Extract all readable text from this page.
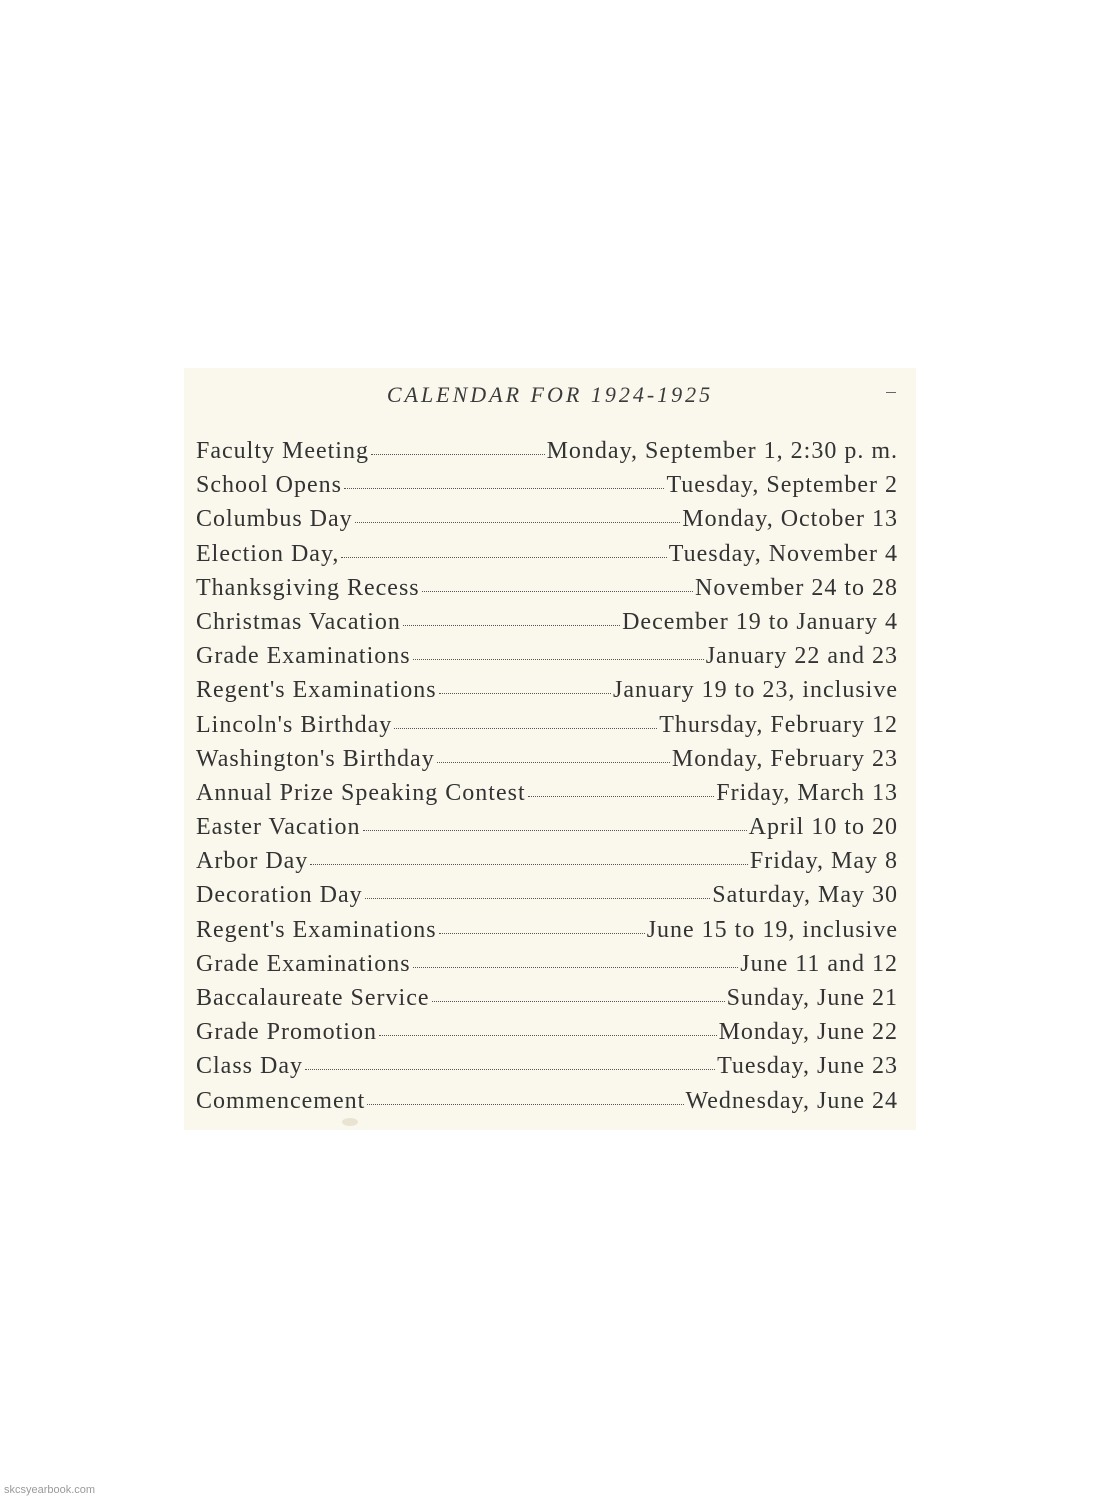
CALENDAR FOR 1924-1925
Faculty Meeting	Monday, September 1, 2:30 p. m.
School Opens	Tuesday, September 2
Columbus Day	Monday, October 13
Election Day,	Tuesday, November 4
Thanksgiving Recess	November 24 to 28
Christmas Vacation	December 19 to January 4
Grade Examinations	January 22 and 23
Regent's Examinations	January 19 to 23, inclusive
Lincoln's Birthday	Thursday, February 12
Washington's Birthday	Monday, February 23
Annual Prize Speaking Contest	Friday, March 13
Easter Vacation	April 10 to 20
Arbor Day	Friday, May 8
Decoration Day	Saturday, May 30
Regent's Examinations	June 15 to 19, inclusive
Grade Examinations	June 11 and 12
Baccalaureate Service	Sunday, June 21
Grade Promotion	Monday, June 22
Class Day	Tuesday, June 23
Commencement	Wednesday, June 24
skcsyearbook.com
